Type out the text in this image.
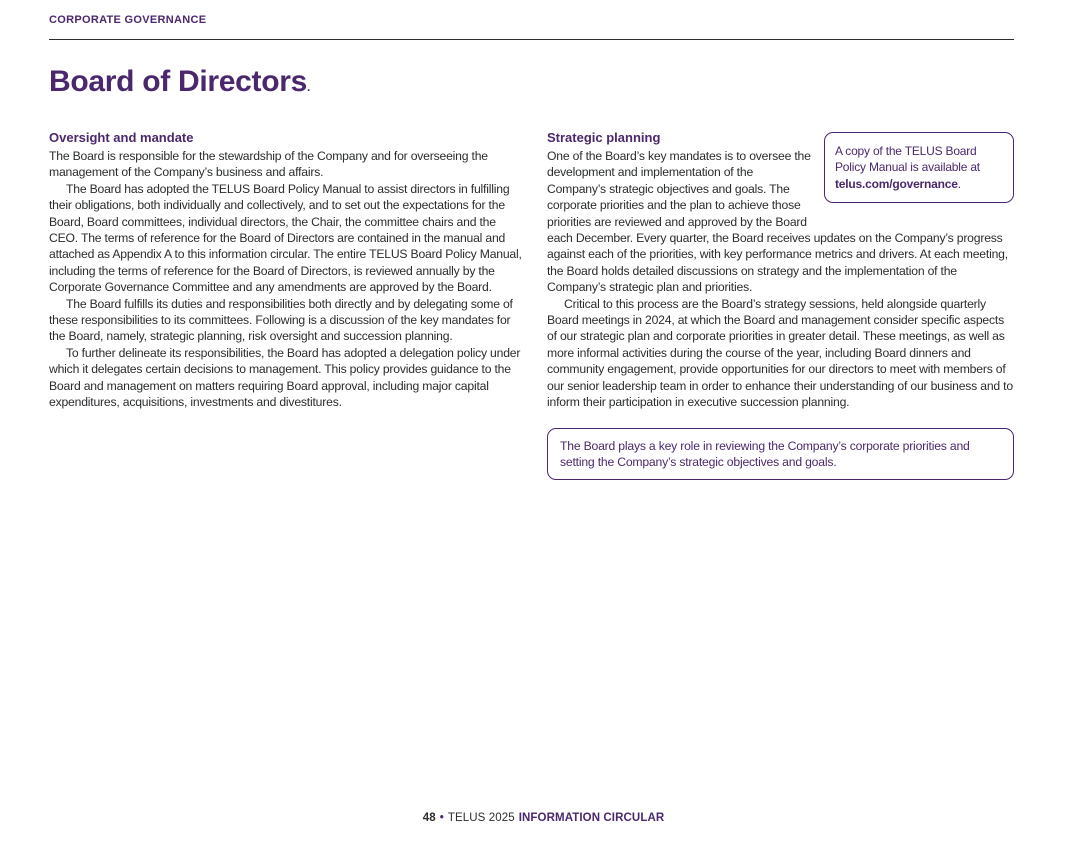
CORPORATE GOVERNANCE
Board of Directors.
Oversight and mandate

The Board is responsible for the stewardship of the Company and for overseeing the management of the Company’s business and affairs.

The Board has adopted the TELUS Board Policy Manual to assist directors in fulfilling their obligations, both individually and collectively, and to set out the expectations for the Board, Board committees, individual directors, the Chair, the committee chairs and the CEO. The terms of reference for the Board of Directors are contained in the manual and attached as Appendix A to this information circular. The entire TELUS Board Policy Manual, including the terms of reference for the Board of Directors, is reviewed annually by the Corporate Governance Committee and any amendments are approved by the Board.

The Board fulfills its duties and responsibilities both directly and by delegating some of these responsibilities to its committees. Following is a discussion of the key mandates for the Board, namely, strategic planning, risk oversight and succession planning.

To further delineate its responsibilities, the Board has adopted a delegation policy under which it delegates certain decisions to management. This policy provides guidance to the Board and management on matters requiring Board approval, including major capital expenditures, acquisitions, investments and divestitures.

A copy of the TELUS Board Policy Manual is available at telus.com/governance.
Strategic planning

One of the Board’s key mandates is to oversee the development and implementation of the Company’s strategic objectives and goals. The corporate priorities and the plan to achieve those priorities are reviewed and approved by the Board each December. Every quarter, the Board receives updates on the Company’s progress against each of the priorities, with key performance metrics and drivers. At each meeting, the Board holds detailed discussions on strategy and the implementation of the Company’s strategic plan and priorities.

Critical to this process are the Board’s strategy sessions, held alongside quarterly Board meetings in 2024, at which the Board and management consider specific aspects of our strategic plan and corporate priorities in greater detail. These meetings, as well as more informal activities during the course of the year, including Board dinners and community engagement, provide opportunities for our directors to meet with members of our senior leadership team in order to enhance their understanding of our business and to inform their participation in executive succession planning.

The Board plays a key role in reviewing the Company’s corporate priorities and setting the Company’s strategic objectives and goals.
48 • TELUS 2025 INFORMATION CIRCULAR
